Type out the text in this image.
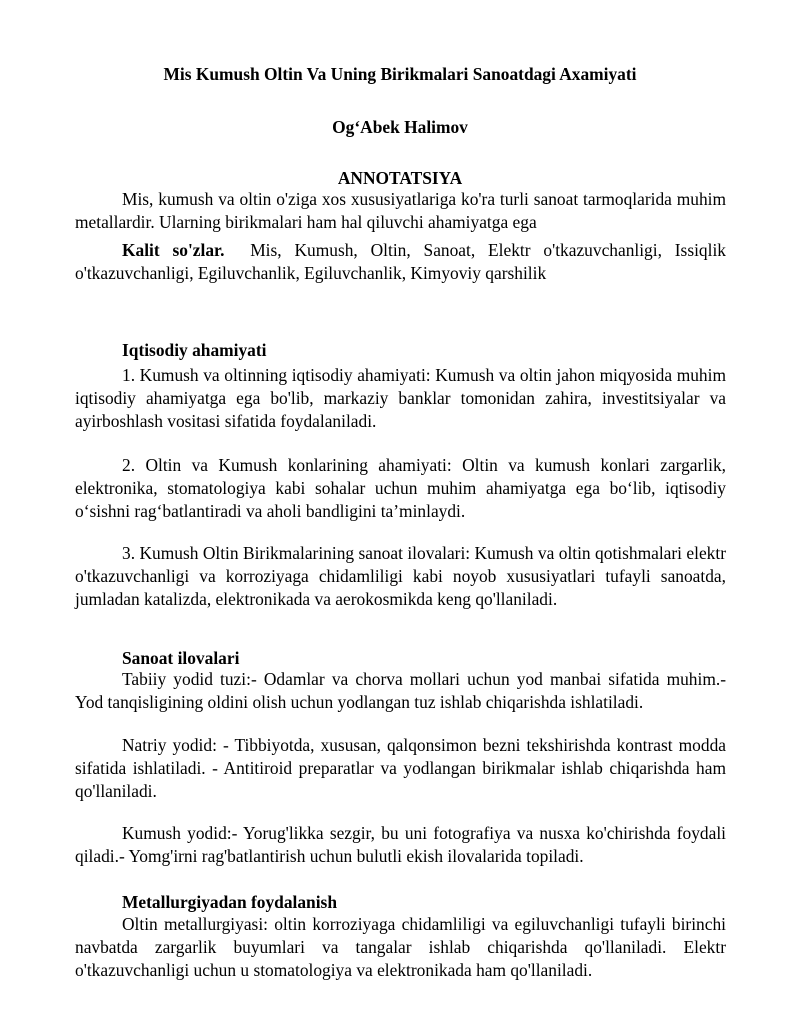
Mis Kumush Oltin Va Uning Birikmalari Sanoatdagi Axamiyati
Og‘Abek Halimov
ANNOTATSIYA

Mis, kumush va oltin o'ziga xos xususiyatlariga ko'ra turli sanoat tarmoqlarida muhim metallardir. Ularning birikmalari ham hal qiluvchi ahamiyatga ega

Kalit so'zlar. Mis, Kumush, Oltin, Sanoat, Elektr o'tkazuvchanligi, Issiqlik o'tkazuvchanligi, Egiluvchanlik, Egiluvchanlik, Kimyoviy qarshilik

Iqtisodiy ahamiyati

1. Kumush va oltinning iqtisodiy ahamiyati: Kumush va oltin jahon miqyosida muhim iqtisodiy ahamiyatga ega bo'lib, markaziy banklar tomonidan zahira, investitsiyalar va ayirboshlash vositasi sifatida foydalaniladi.

2. Oltin va Kumush konlarining ahamiyati: Oltin va kumush konlari zargarlik, elektronika, stomatologiya kabi sohalar uchun muhim ahamiyatga ega bo‘lib, iqtisodiy o‘sishni rag‘batlantiradi va aholi bandligini ta’minlaydi.

3. Kumush Oltin Birikmalarining sanoat ilovalari: Kumush va oltin qotishmalari elektr o'tkazuvchanligi va korroziyaga chidamliligi kabi noyob xususiyatlari tufayli sanoatda, jumladan katalizda, elektronikada va aerokosmikda keng qo'llaniladi.

Sanoat ilovalari

Tabiiy yodid tuzi:- Odamlar va chorva mollari uchun yod manbai sifatida muhim.- Yod tanqisligining oldini olish uchun yodlangan tuz ishlab chiqarishda ishlatiladi.

Natriy yodid: - Tibbiyotda, xususan, qalqonsimon bezni tekshirishda kontrast modda sifatida ishlatiladi. - Antitiroid preparatlar va yodlangan birikmalar ishlab chiqarishda ham qo'llaniladi.

Kumush yodid:- Yorug'likka sezgir, bu uni fotografiya va nusxa ko'chirishda foydali qiladi.- Yomg'irni rag'batlantirish uchun bulutli ekish ilovalarida topiladi.

Metallurgiyadan foydalanish

Oltin metallurgiyasi: oltin korroziyaga chidamliligi va egiluvchanligi tufayli birinchi navbatda zargarlik buyumlari va tangalar ishlab chiqarishda qo'llaniladi. Elektr o'tkazuvchanligi uchun u stomatologiya va elektronikada ham qo'llaniladi.
